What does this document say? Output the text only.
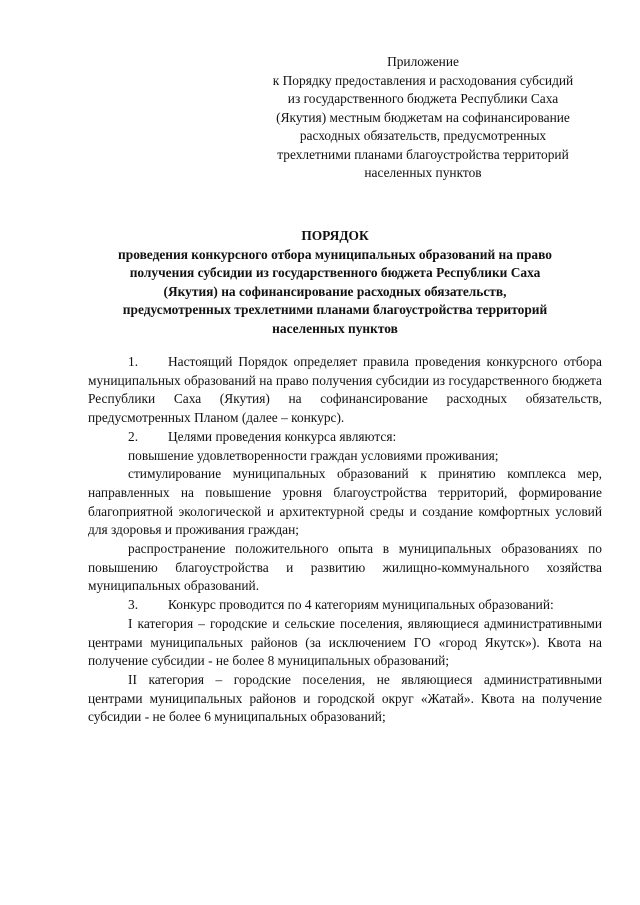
Приложение
к Порядку предоставления и расходования субсидий
из государственного бюджета Республики Саха
(Якутия) местным бюджетам на софинансирование
расходных обязательств, предусмотренных
трехлетними планами благоустройства территорий
населенных пунктов
ПОРЯДОК
проведения конкурсного отбора муниципальных образований на право
получения субсидии из государственного бюджета Республики Саха
(Якутия) на софинансирование расходных обязательств,
предусмотренных трехлетними планами благоустройства территорий
населенных пунктов

1. Настоящий Порядок определяет правила проведения конкурсного отбора муниципальных образований на право получения субсидии из государственного бюджета Республики Саха (Якутия) на софинансирование расходных обязательств, предусмотренных Планом (далее – конкурс).

2. Целями проведения конкурса являются:

повышение удовлетворенности граждан условиями проживания;

стимулирование муниципальных образований к принятию комплекса мер, направленных на повышение уровня благоустройства территорий, формирование благоприятной экологической и архитектурной среды и создание комфортных условий для здоровья и проживания граждан;

распространение положительного опыта в муниципальных образованиях по повышению благоустройства и развитию жилищно-коммунального хозяйства муниципальных образований.

3. Конкурс проводится по 4 категориям муниципальных образований:

I категория – городские и сельские поселения, являющиеся административными центрами муниципальных районов (за исключением ГО «город Якутск»). Квота на получение субсидии - не более 8 муниципальных образований;

II категория – городские поселения, не являющиеся административными центрами муниципальных районов и городской округ «Жатай». Квота на получение субсидии - не более 6 муниципальных образований;
